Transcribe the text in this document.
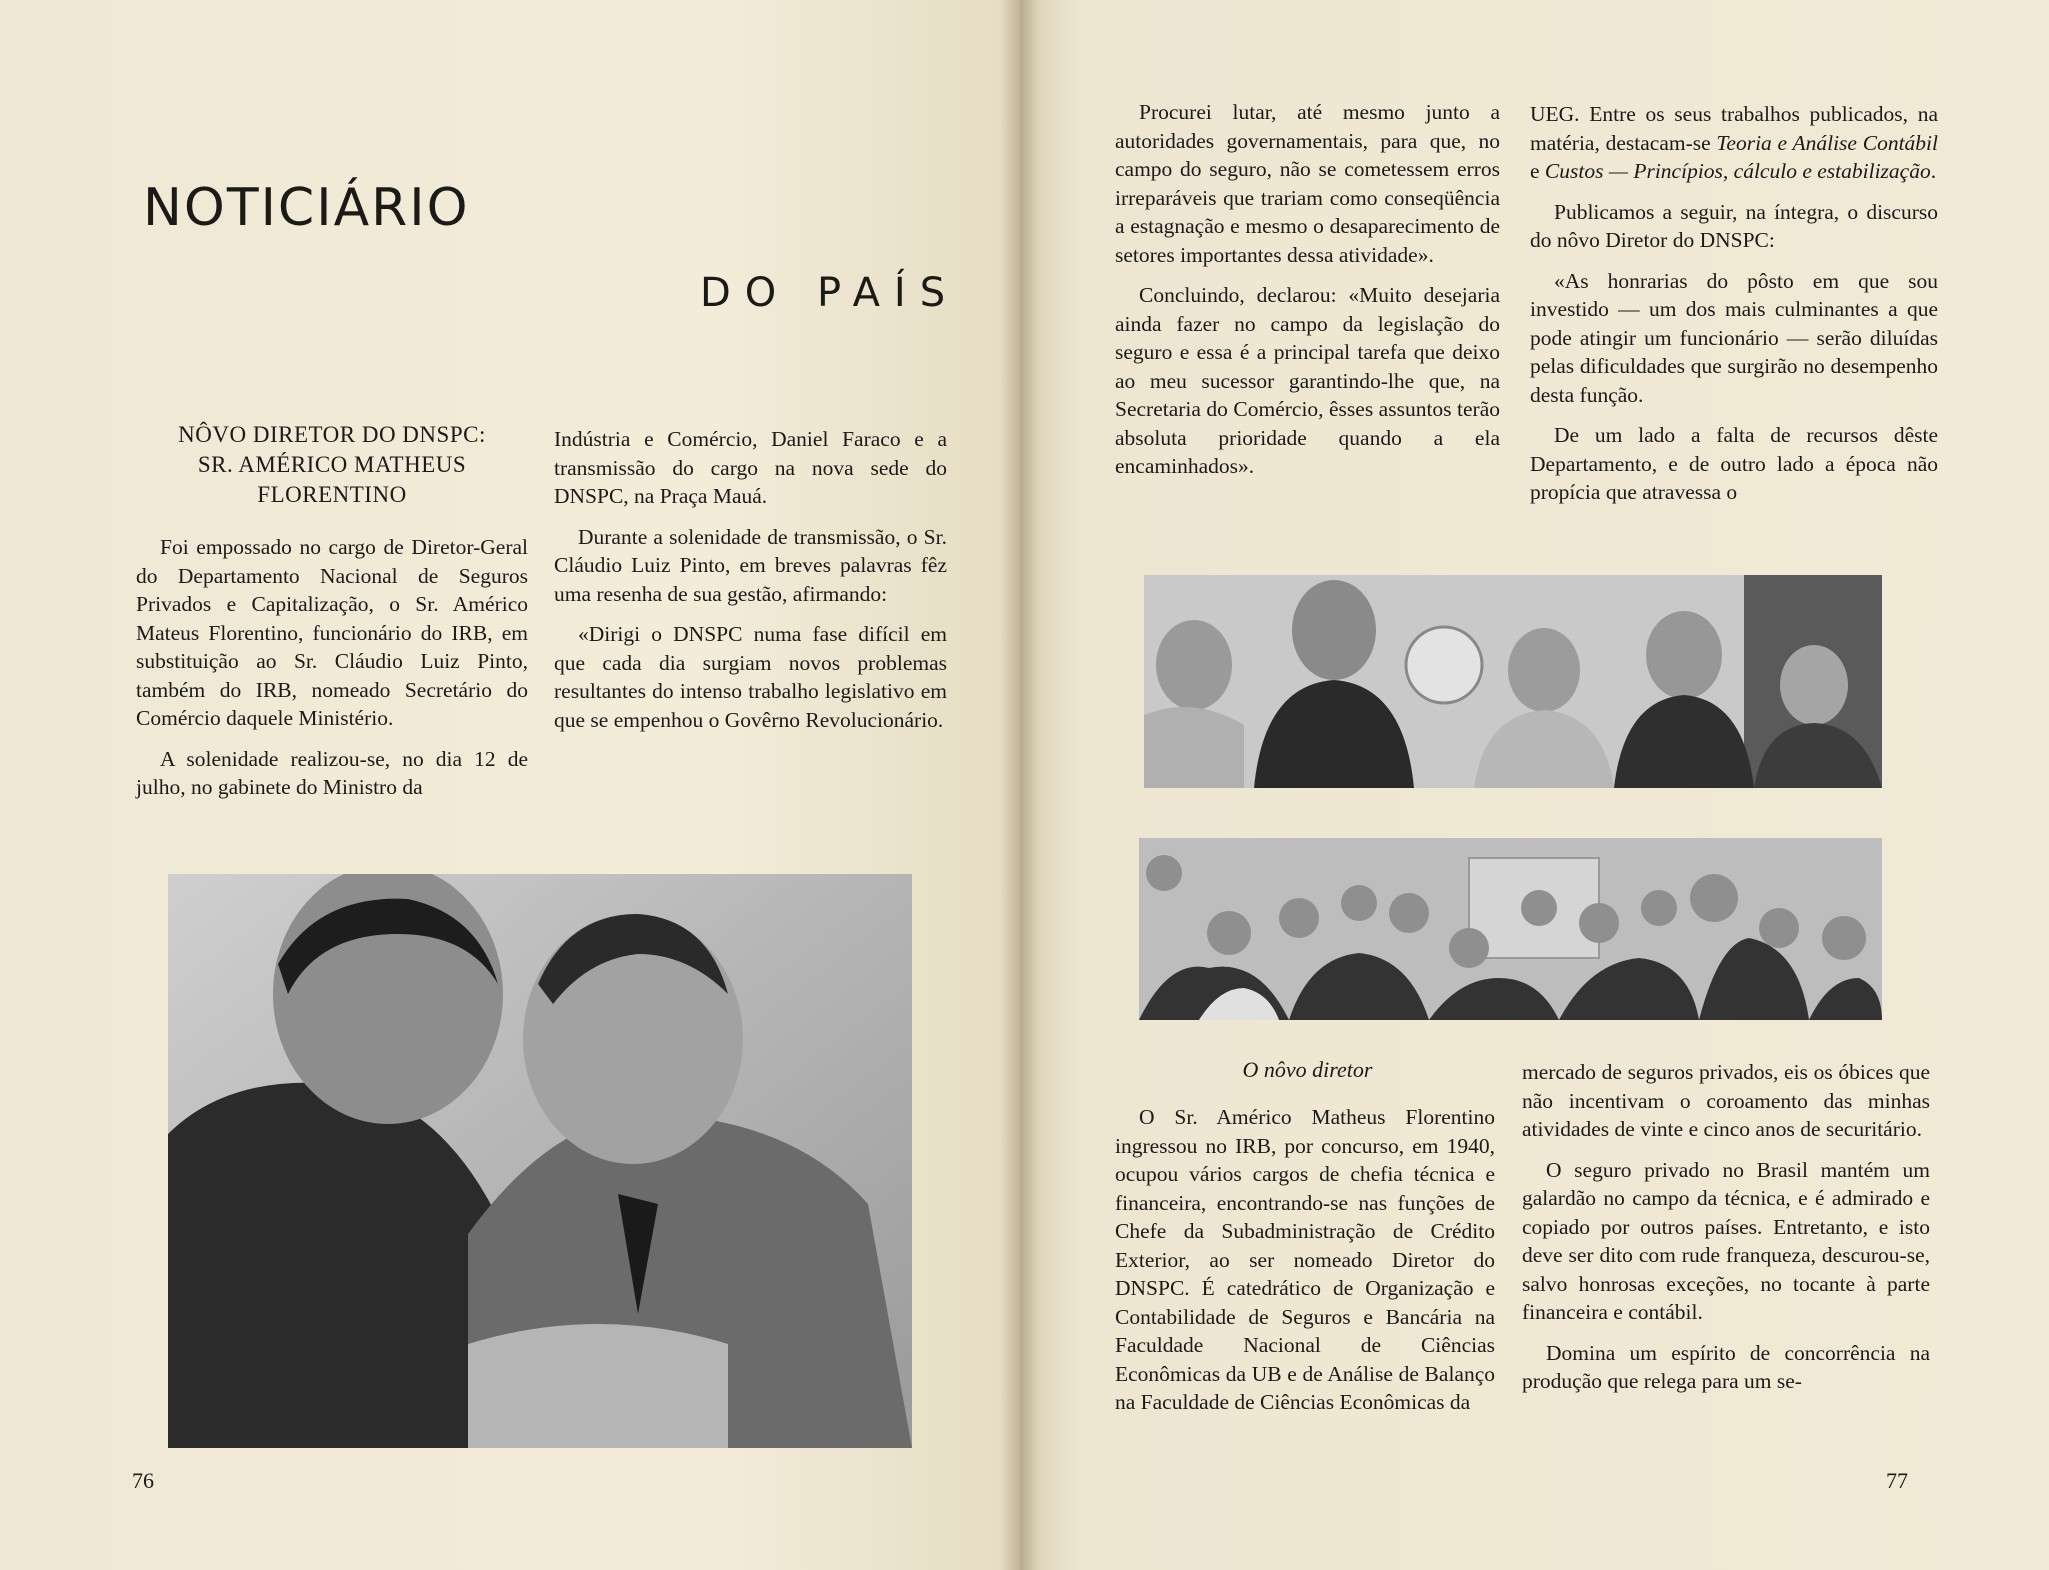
NOTICIÁRIO
DO PAÍS
NÔVO DIRETOR DO DNSPC:
SR. AMÉRICO MATHEUS
FLORENTINO

Foi empossado no cargo de Diretor-Geral do Departamento Nacional de Seguros Privados e Capitalização, o Sr. Américo Mateus Florentino, funcionário do IRB, em substituição ao Sr. Cláudio Luiz Pinto, também do IRB, nomeado Secretário do Comércio daquele Ministério.

A solenidade realizou-se, no dia 12 de julho, no gabinete do Ministro da

Indústria e Comércio, Daniel Faraco e a transmissão do cargo na nova sede do DNSPC, na Praça Mauá.

Durante a solenidade de transmissão, o Sr. Cláudio Luiz Pinto, em breves palavras fêz uma resenha de sua gestão, afirmando:

«Dirigi o DNSPC numa fase difícil em que cada dia surgiam novos problemas resultantes do intenso trabalho legislativo em que se empenhou o Govêrno Revolucionário.

76

Procurei lutar, até mesmo junto a autoridades governamentais, para que, no campo do seguro, não se cometessem erros irreparáveis que trariam como conseqüência a estagnação e mesmo o desaparecimento de setores importantes dessa atividade».

Concluindo, declarou: «Muito desejaria ainda fazer no campo da legislação do seguro e essa é a principal tarefa que deixo ao meu sucessor garantindo-lhe que, na Secretaria do Comércio, êsses assuntos terão absoluta prioridade quando a ela encaminhados».

UEG. Entre os seus trabalhos publicados, na matéria, destacam-se Teoria e Análise Contábil e Custos — Princípios, cálculo e estabilização.

Publicamos a seguir, na íntegra, o discurso do nôvo Diretor do DNSPC:

«As honrarias do pôsto em que sou investido — um dos mais culminantes a que pode atingir um funcionário — serão diluídas pelas dificuldades que surgirão no desempenho desta função.

De um lado a falta de recursos dêste Departamento, e de outro lado a época não propícia que atravessa o

O nôvo diretor

O Sr. Américo Matheus Florentino ingressou no IRB, por concurso, em 1940, ocupou vários cargos de chefia técnica e financeira, encontrando-se nas funções de Chefe da Subadministração de Crédito Exterior, ao ser nomeado Diretor do DNSPC. É catedrático de Organização e Contabilidade de Seguros e Bancária na Faculdade Nacional de Ciências Econômicas da UB e de Análise de Balanço na Faculdade de Ciências Econômicas da

mercado de seguros privados, eis os óbices que não incentivam o coroamento das minhas atividades de vinte e cinco anos de securitário.

O seguro privado no Brasil mantém um galardão no campo da técnica, e é admirado e copiado por outros países. Entretanto, e isto deve ser dito com rude franqueza, descurou-se, salvo honrosas exceções, no tocante à parte financeira e contábil.

Domina um espírito de concorrência na produção que relega para um se-

77
